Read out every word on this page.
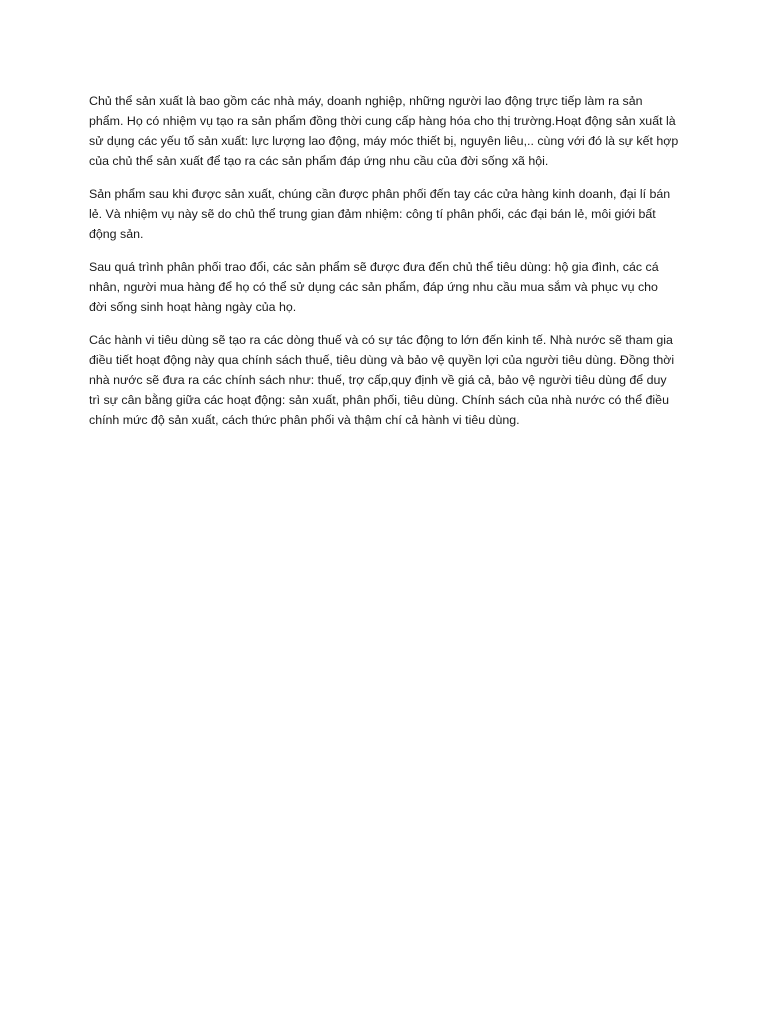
Chủ thể sản xuất là bao gồm các nhà máy, doanh nghiệp, những người lao động trực tiếp làm ra sản phẩm. Họ có nhiệm vụ tạo ra sản phẩm đồng thời cung cấp hàng hóa cho thị trường.Hoạt động sản xuất là sử dụng các yếu tố sản xuất: lực lượng lao động, máy móc thiết bị, nguyên liêu,.. cùng với đó là sự kết hợp của chủ thể sản xuất để tạo ra các sản phẩm đáp ứng nhu cầu của đời sống xã hội.

Sản phẩm sau khi được sản xuất, chúng cần được phân phối đến tay các cửa hàng kinh doanh, đại lí bán lẻ. Và nhiệm vụ này sẽ do chủ thể trung gian đảm nhiệm: công tí phân phối, các đại bán lẻ, môi giới bất động sản.

Sau quá trình phân phối trao đổi, các sản phẩm sẽ được đưa đến chủ thể tiêu dùng: hộ gia đình, các cá nhân, người mua hàng để họ có thể sử dụng các sản phẩm, đáp ứng nhu cầu mua sắm và phục vụ cho đời sống sinh hoạt hàng ngày của họ.

Các hành vi tiêu dùng sẽ tạo ra các dòng thuế và có sự tác động to lớn đến kinh tế. Nhà nước sẽ tham gia điều tiết hoạt động này qua chính sách thuế, tiêu dùng và bảo vệ quyền lợi của người tiêu dùng. Đồng thời nhà nước sẽ đưa ra các chính sách như: thuế, trợ cấp,quy định về giá cả, bảo vệ người tiêu dùng để duy trì sự cân bằng giữa các hoạt động: sản xuất, phân phối, tiêu dùng. Chính sách của nhà nước có thể điều chính mức độ sản xuất, cách thức phân phối và thậm chí cả hành vi tiêu dùng.
